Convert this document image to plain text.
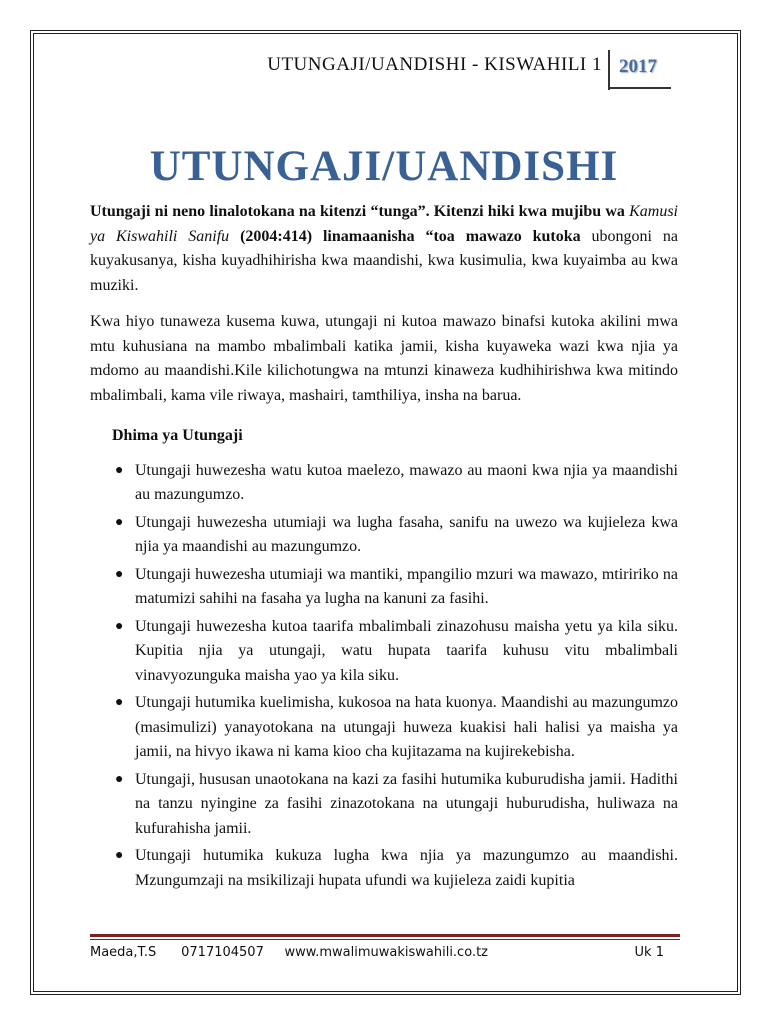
UTUNGAJI/UANDISHI - KISWAHILI 1 2017
UTUNGAJI/UANDISHI

Utungaji ni neno linalotokana na kitenzi “tunga”. Kitenzi hiki kwa mujibu wa Kamusi ya Kiswahili Sanifu (2004:414) linamaanisha “toa mawazo kutoka ubongoni na kuyakusanya, kisha kuyadhihirisha kwa maandishi, kwa kusimulia, kwa kuyaimba au kwa muziki.

Kwa hiyo tunaweza kusema kuwa, utungaji ni kutoa mawazo binafsi kutoka akilini mwa mtu kuhusiana na mambo mbalimbali katika jamii, kisha kuyaweka wazi kwa njia ya mdomo au maandishi.Kile kilichotungwa na mtunzi kinaweza kudhihirishwa kwa mitindo mbalimbali, kama vile riwaya, mashairi, tamthiliya, insha na barua.

Dhima ya Utungaji
● Utungaji huwezesha watu kutoa maelezo, mawazo au maoni kwa njia ya maandishi au mazungumzo.
● Utungaji huwezesha utumiaji wa lugha fasaha, sanifu na uwezo wa kujieleza kwa njia ya maandishi au mazungumzo.
● Utungaji huwezesha utumiaji wa mantiki, mpangilio mzuri wa mawazo, mtiririko na matumizi sahihi na fasaha ya lugha na kanuni za fasihi.
● Utungaji huwezesha kutoa taarifa mbalimbali zinazohusu maisha yetu ya kila siku. Kupitia njia ya utungaji, watu hupata taarifa kuhusu vitu mbalimbali vinavyozunguka maisha yao ya kila siku.
● Utungaji hutumika kuelimisha, kukosoa na hata kuonya. Maandishi au mazungumzo (masimulizi) yanayotokana na utungaji huweza kuakisi hali halisi ya maisha ya jamii, na hivyo ikawa ni kama kioo cha kujitazama na kujirekebisha.
● Utungaji, hususan unaotokana na kazi za fasihi hutumika kuburudisha jamii. Hadithi na tanzu nyingine za fasihi zinazotokana na utungaji huburudisha, huliwaza na kufurahisha jamii.
● Utungaji hutumika kukuza lugha kwa njia ya mazungumzo au maandishi. Mzungumzaji na msikilizaji hupata ufundi wa kujieleza zaidi kupitia
Maeda,T.S 0717104507 www.mwalimuwakiswahili.co.tz	Uk 1
